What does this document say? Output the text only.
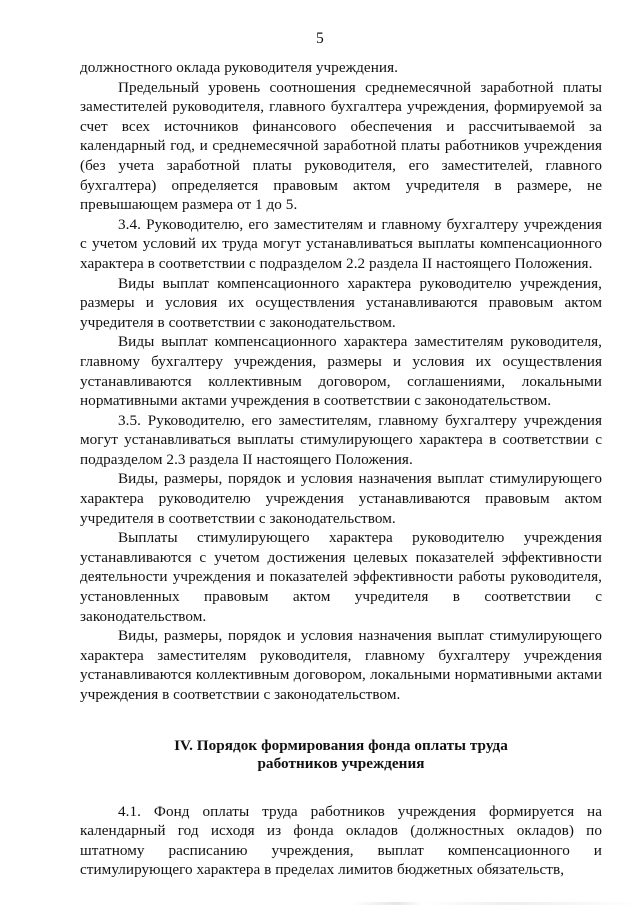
5

должностного оклада руководителя учреждения.

Предельный уровень соотношения среднемесячной заработной платы заместителей руководителя, главного бухгалтера учреждения, формируемой за счет всех источников финансового обеспечения и рассчитываемой за календарный год, и среднемесячной заработной платы работников учреждения (без учета заработной платы руководителя, его заместителей, главного бухгалтера) определяется правовым актом учредителя в размере, не превышающем размера от 1 до 5.

3.4. Руководителю, его заместителям и главному бухгалтеру учреждения с учетом условий их труда могут устанавливаться выплаты компенсационного характера в соответствии с подразделом 2.2 раздела II настоящего Положения.

Виды выплат компенсационного характера руководителю учреждения, размеры и условия их осуществления устанавливаются правовым актом учредителя в соответствии с законодательством.

Виды выплат компенсационного характера заместителям руководителя, главному бухгалтеру учреждения, размеры и условия их осуществления устанавливаются коллективным договором, соглашениями, локальными нормативными актами учреждения в соответствии с законодательством.

3.5. Руководителю, его заместителям, главному бухгалтеру учреждения могут устанавливаться выплаты стимулирующего характера в соответствии с подразделом 2.3 раздела II настоящего Положения.

Виды, размеры, порядок и условия назначения выплат стимулирующего характера руководителю учреждения устанавливаются правовым актом учредителя в соответствии с законодательством.

Выплаты стимулирующего характера руководителю учреждения устанавливаются с учетом достижения целевых показателей эффективности деятельности учреждения и показателей эффективности работы руководителя, установленных правовым актом учредителя в соответствии с законодательством.

Виды, размеры, порядок и условия назначения выплат стимулирующего характера заместителям руководителя, главному бухгалтеру учреждения устанавливаются коллективным договором, локальными нормативными актами учреждения в соответствии с законодательством.

IV. Порядок формирования фонда оплаты труда
работников учреждения

4.1. Фонд оплаты труда работников учреждения формируется на календарный год исходя из фонда окладов (должностных окладов) по штатному расписанию учреждения, выплат компенсационного и стимулирующего характера в пределах лимитов бюджетных обязательств,
